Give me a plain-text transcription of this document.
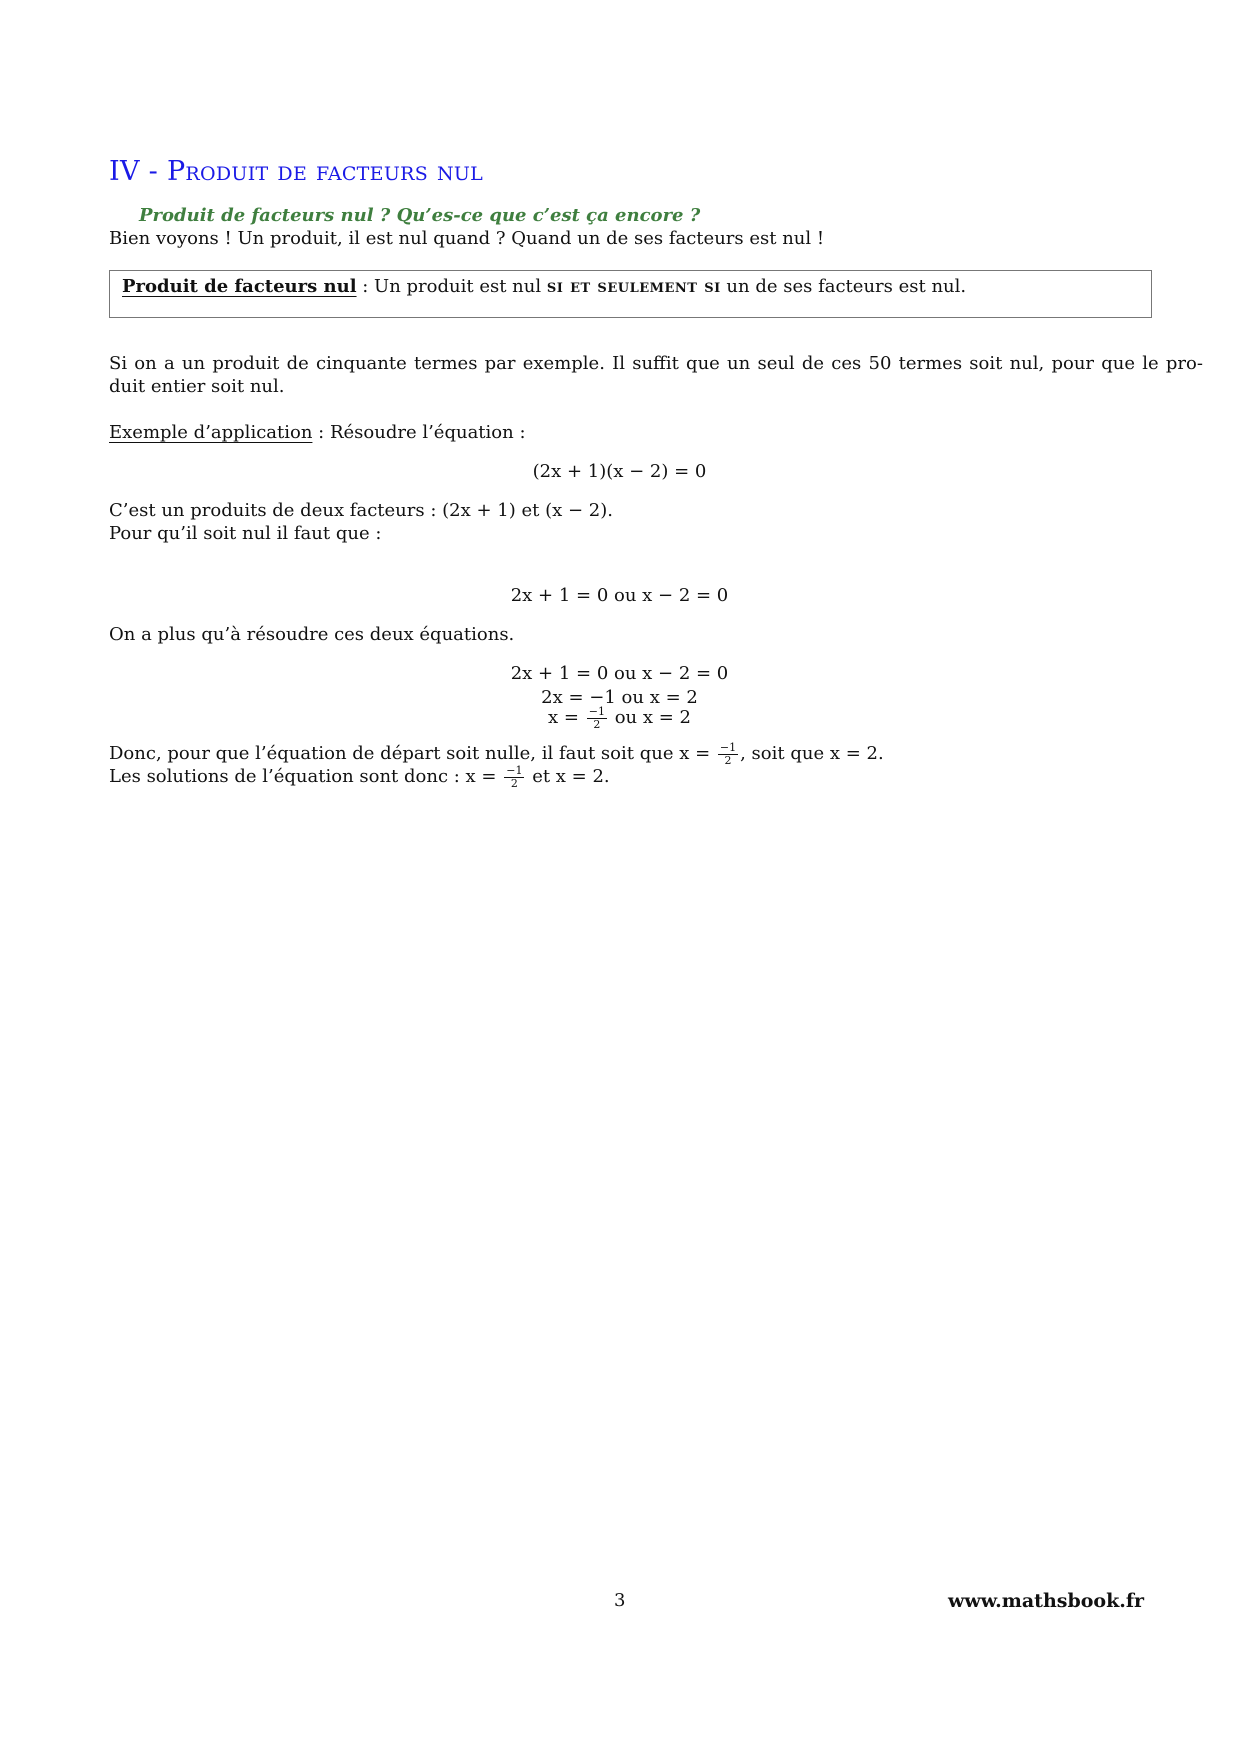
IV - Produit de facteurs nul
Produit de facteurs nul ? Qu’es-ce que c’est ça encore ?
Bien voyons ! Un produit, il est nul quand ? Quand un de ses facteurs est nul !
Produit de facteurs nul : Un produit est nul si et seulement si un de ses facteurs est nul.
Si on a un produit de cinquante termes par exemple. Il suffit que un seul de ces 50 termes soit nul, pour que le pro-
duit entier soit nul.
Exemple d’application : Résoudre l’équation :
(2x + 1)(x − 2) = 0
C’est un produits de deux facteurs : (2x + 1) et (x − 2).
Pour qu’il soit nul il faut que :
2x + 1 = 0 ou x − 2 = 0
On a plus qu’à résoudre ces deux équations.
2x + 1 = 0 ou x − 2 = 0
2x = −1 ou x = 2
$x = \frac{-1}{2}$ ou x = 2
Donc, pour que l’équation de départ soit nulle, il faut soit que $x = \frac{-1}{2}$ , soit que x = 2.
Les solutions de l’équation sont donc : $x = \frac{-1}{2}$ et x = 2.
3	www.mathsbook.fr
